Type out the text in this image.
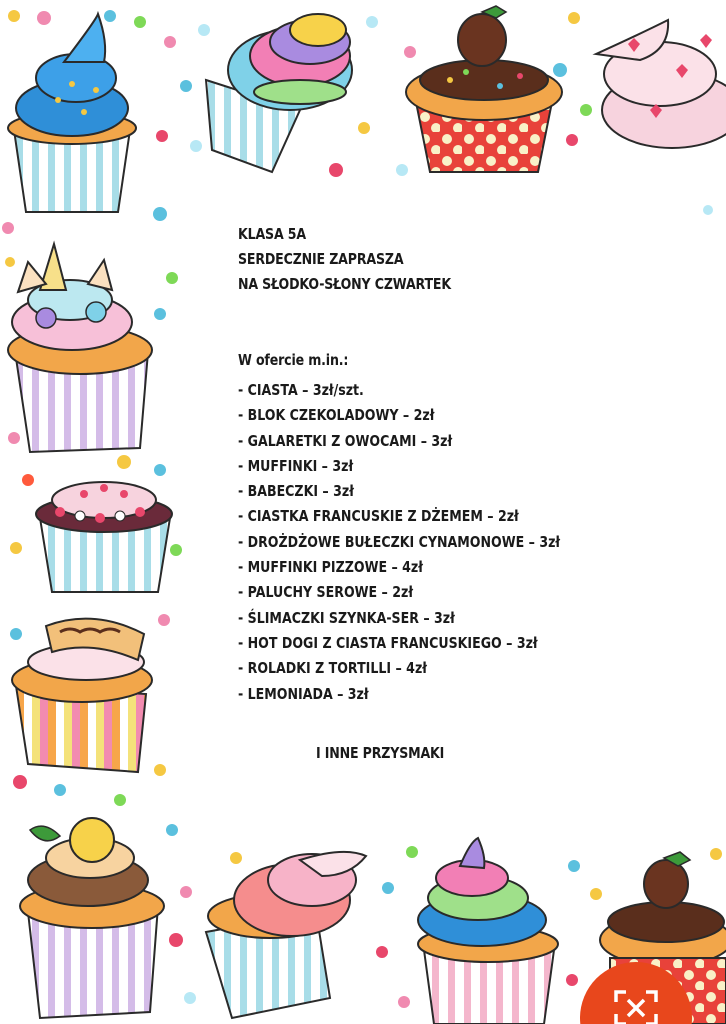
KLASA 5A
SERDECZNIE ZAPRASZA
NA SŁODKO-SŁONY CZWARTEK
W ofercie m.in.:
- CIASTA – 3zł/szt.
- BLOK CZEKOLADOWY – 2zł
- GALARETKI Z OWOCAMI – 3zł
- MUFFINKI – 3zł
- BABECZKI – 3zł
- CIASTKA FRANCUSKIE Z DŻEMEM – 2zł
- DROŻDŻOWE BUŁECZKI CYNAMONOWE – 3zł
- MUFFINKI PIZZOWE – 4zł
- PALUCHY SEROWE – 2zł
- ŚLIMACZKI SZYNKA-SER – 3zł
- HOT DOGI Z CIASTA FRANCUSKIEGO – 3zł
- ROLADKI Z TORTILLI – 4zł
- LEMONIADA – 3zł
I INNE PRZYSMAKI
